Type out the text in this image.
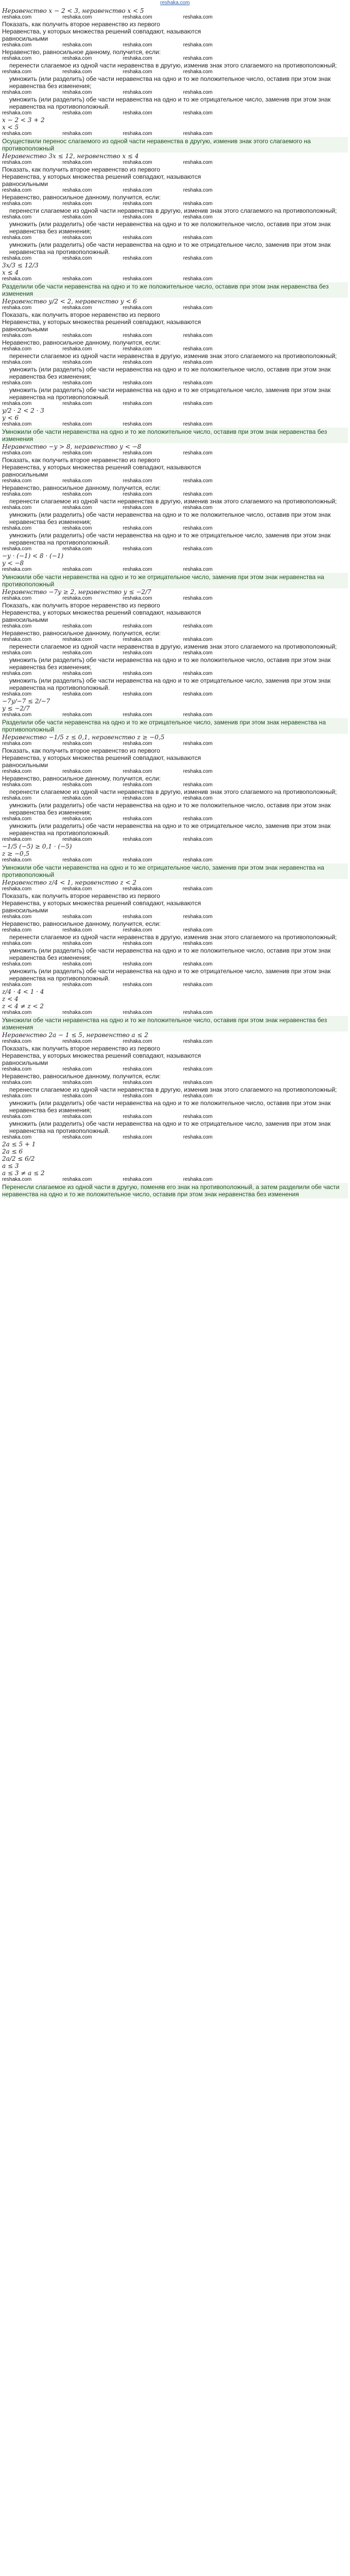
reshaka.com
Неравенство x − 2 < 3, неравенство x < 5
reshaka.com	reshaka.com	reshaka.com	reshaka.com
Показать, как получить второе неравенство из первого
Неравенства, у которых множества решений совпадают, называются
равносильными
reshaka.com	reshaka.com	reshaka.com	reshaka.com
Неравенство, равносильное данному, получится, если:
reshaka.com	reshaka.com	reshaka.com	reshaka.com
перенести слагаемое из одной части неравенства в другую, изменив знак этого слагаемого на противоположный;
reshaka.com	reshaka.com	reshaka.com	reshaka.com
умножить (или разделить) обе части неравенства на одно и то же положительное число, оставив при этом знак неравенства без изменения;
reshaka.com	reshaka.com	reshaka.com	reshaka.com
умножить (или разделить) обе части неравенства на одно и то же отрицательное число, заменив при этом знак неравенства на противоположный.
reshaka.com	reshaka.com	reshaka.com	reshaka.com
x − 2 < 3 + 2
x < 5
reshaka.com	reshaka.com	reshaka.com	reshaka.com
Осуществили перенос слагаемого из одной части неравенства в другую, изменив знак этого слагаемого на противоположный
Неравенство 3x ≤ 12, неравенство x ≤ 4
reshaka.com	reshaka.com	reshaka.com	reshaka.com
Показать, как получить второе неравенство из первого
Неравенства, у которых множества решений совпадают, называются
равносильными
reshaka.com	reshaka.com	reshaka.com	reshaka.com
Неравенство, равносильное данному, получится, если:
reshaka.com	reshaka.com	reshaka.com	reshaka.com
перенести слагаемое из одной части неравенства в другую, изменив знак этого слагаемого на противоположный;
reshaka.com	reshaka.com	reshaka.com	reshaka.com
умножить (или разделить) обе части неравенства на одно и то же положительное число, оставив при этом знак неравенства без изменения;
reshaka.com	reshaka.com	reshaka.com	reshaka.com
умножить (или разделить) обе части неравенства на одно и то же отрицательное число, заменив при этом знак неравенства на противоположный.
reshaka.com	reshaka.com	reshaka.com	reshaka.com
3x/3 ≤ 12/3
x ≤ 4
reshaka.com	reshaka.com	reshaka.com	reshaka.com
Разделили обе части неравенства на одно и то же положительное число, оставив при этом знак неравенства без изменения
Неравенство y/2 < 2, неравенство y < 6
reshaka.com	reshaka.com	reshaka.com	reshaka.com
Показать, как получить второе неравенство из первого
Неравенства, у которых множества решений совпадают, называются
равносильными
reshaka.com	reshaka.com	reshaka.com	reshaka.com
Неравенство, равносильное данному, получится, если:
reshaka.com	reshaka.com	reshaka.com	reshaka.com
перенести слагаемое из одной части неравенства в другую, изменив знак этого слагаемого на противоположный;
reshaka.com	reshaka.com	reshaka.com	reshaka.com
умножить (или разделить) обе части неравенства на одно и то же положительное число, оставив при этом знак неравенства без изменения;
reshaka.com	reshaka.com	reshaka.com	reshaka.com
умножить (или разделить) обе части неравенства на одно и то же отрицательное число, заменив при этом знак неравенства на противоположный.
reshaka.com	reshaka.com	reshaka.com	reshaka.com
y/2 · 2 < 2 · 3
y < 6
reshaka.com	reshaka.com	reshaka.com	reshaka.com
Умножили обе части неравенства на одно и то же положительное число, оставив при этом знак неравенства без изменения
Неравенство −y > 8, неравенство y < −8
reshaka.com	reshaka.com	reshaka.com	reshaka.com
Показать, как получить второе неравенство из первого
Неравенства, у которых множества решений совпадают, называются
равносильными
reshaka.com	reshaka.com	reshaka.com	reshaka.com
Неравенство, равносильное данному, получится, если:
reshaka.com	reshaka.com	reshaka.com	reshaka.com
перенести слагаемое из одной части неравенства в другую, изменив знак этого слагаемого на противоположный;
reshaka.com	reshaka.com	reshaka.com	reshaka.com
умножить (или разделить) обе части неравенства на одно и то же положительное число, оставив при этом знак неравенства без изменения;
reshaka.com	reshaka.com	reshaka.com	reshaka.com
умножить (или разделить) обе части неравенства на одно и то же отрицательное число, заменив при этом знак неравенства на противоположный.
reshaka.com	reshaka.com	reshaka.com	reshaka.com
−y · (−1) < 8 · (−1)
y < −8
reshaka.com	reshaka.com	reshaka.com	reshaka.com
Умножили обе части неравенства на одно и то же отрицательное число, заменив при этом знак неравенства на противоположный
Неравенство −7y ≥ 2, неравенство y ≤ −2/7
reshaka.com	reshaka.com	reshaka.com	reshaka.com
Показать, как получить второе неравенство из первого
Неравенства, у которых множества решений совпадают, называются
равносильными
reshaka.com	reshaka.com	reshaka.com	reshaka.com
Неравенство, равносильное данному, получится, если:
reshaka.com	reshaka.com	reshaka.com	reshaka.com
перенести слагаемое из одной части неравенства в другую, изменив знак этого слагаемого на противоположный;
reshaka.com	reshaka.com	reshaka.com	reshaka.com
умножить (или разделить) обе части неравенства на одно и то же положительное число, оставив при этом знак неравенства без изменения;
reshaka.com	reshaka.com	reshaka.com	reshaka.com
умножить (или разделить) обе части неравенства на одно и то же отрицательное число, заменив при этом знак неравенства на противоположный.
reshaka.com	reshaka.com	reshaka.com	reshaka.com
−7y/−7 ≤ 2/−7
y ≤ −2/7
reshaka.com	reshaka.com	reshaka.com	reshaka.com
Разделили обе части неравенства на одно и то же отрицательное число, заменив при этом знак неравенства на противоположный
Неравенство −1/5 z ≤ 0,1, неравенство z ≥ −0,5
reshaka.com	reshaka.com	reshaka.com	reshaka.com
Показать, как получить второе неравенство из первого
Неравенства, у которых множества решений совпадают, называются
равносильными
reshaka.com	reshaka.com	reshaka.com	reshaka.com
Неравенство, равносильное данному, получится, если:
reshaka.com	reshaka.com	reshaka.com	reshaka.com
перенести слагаемое из одной части неравенства в другую, изменив знак этого слагаемого на противоположный;
reshaka.com	reshaka.com	reshaka.com	reshaka.com
умножить (или разделить) обе части неравенства на одно и то же положительное число, оставив при этом знак неравенства без изменения;
reshaka.com	reshaka.com	reshaka.com	reshaka.com
умножить (или разделить) обе части неравенства на одно и то же отрицательное число, заменив при этом знак неравенства на противоположный.
reshaka.com	reshaka.com	reshaka.com	reshaka.com
−1/5 (−5) ≥ 0,1 · (−5)
z ≥ −0,5
reshaka.com	reshaka.com	reshaka.com	reshaka.com
Умножили обе части неравенства на одно и то же отрицательное число, заменив при этом знак неравенства на противоположный
Неравенство z/4 < 1, неравенство z < 2
reshaka.com	reshaka.com	reshaka.com	reshaka.com
Показать, как получить второе неравенство из первого
Неравенства, у которых множества решений совпадают, называются
равносильными
reshaka.com	reshaka.com	reshaka.com	reshaka.com
Неравенство, равносильное данному, получится, если:
reshaka.com	reshaka.com	reshaka.com	reshaka.com
перенести слагаемое из одной части неравенства в другую, изменив знак этого слагаемого на противоположный;
reshaka.com	reshaka.com	reshaka.com	reshaka.com
умножить (или разделить) обе части неравенства на одно и то же положительное число, оставив при этом знак неравенства без изменения;
reshaka.com	reshaka.com	reshaka.com	reshaka.com
умножить (или разделить) обе части неравенства на одно и то же отрицательное число, заменив при этом знак неравенства на противоположный.
reshaka.com	reshaka.com	reshaka.com	reshaka.com
z/4 · 4 < 1 · 4
z < 4
z < 4 ≠ z < 2
reshaka.com	reshaka.com	reshaka.com	reshaka.com
Умножили обе части неравенства на одно и то же положительное число, оставив при этом знак неравенства без изменения
Неравенство 2a − 1 ≤ 5, неравенство a ≤ 2
reshaka.com	reshaka.com	reshaka.com	reshaka.com
Показать, как получить второе неравенство из первого
Неравенства, у которых множества решений совпадают, называются
равносильными
reshaka.com	reshaka.com	reshaka.com	reshaka.com
Неравенство, равносильное данному, получится, если:
reshaka.com	reshaka.com	reshaka.com	reshaka.com
перенести слагаемое из одной части неравенства в другую, изменив знак этого слагаемого на противоположный;
reshaka.com	reshaka.com	reshaka.com	reshaka.com
умножить (или разделить) обе части неравенства на одно и то же положительное число, оставив при этом знак неравенства без изменения;
reshaka.com	reshaka.com	reshaka.com	reshaka.com
умножить (или разделить) обе части неравенства на одно и то же отрицательное число, заменив при этом знак неравенства на противоположный.
reshaka.com	reshaka.com	reshaka.com	reshaka.com
2a ≤ 5 + 1
2a ≤ 6
2a/2 ≤ 6/2
a ≤ 3
a ≤ 3 ≠ a ≤ 2
reshaka.com	reshaka.com	reshaka.com	reshaka.com
Перенесли слагаемое из одной части в другую, поменяв его знак на противоположный, а затем разделили обе части неравенства на одно и то же положительное число, оставив при этом знак неравенства без изменения
